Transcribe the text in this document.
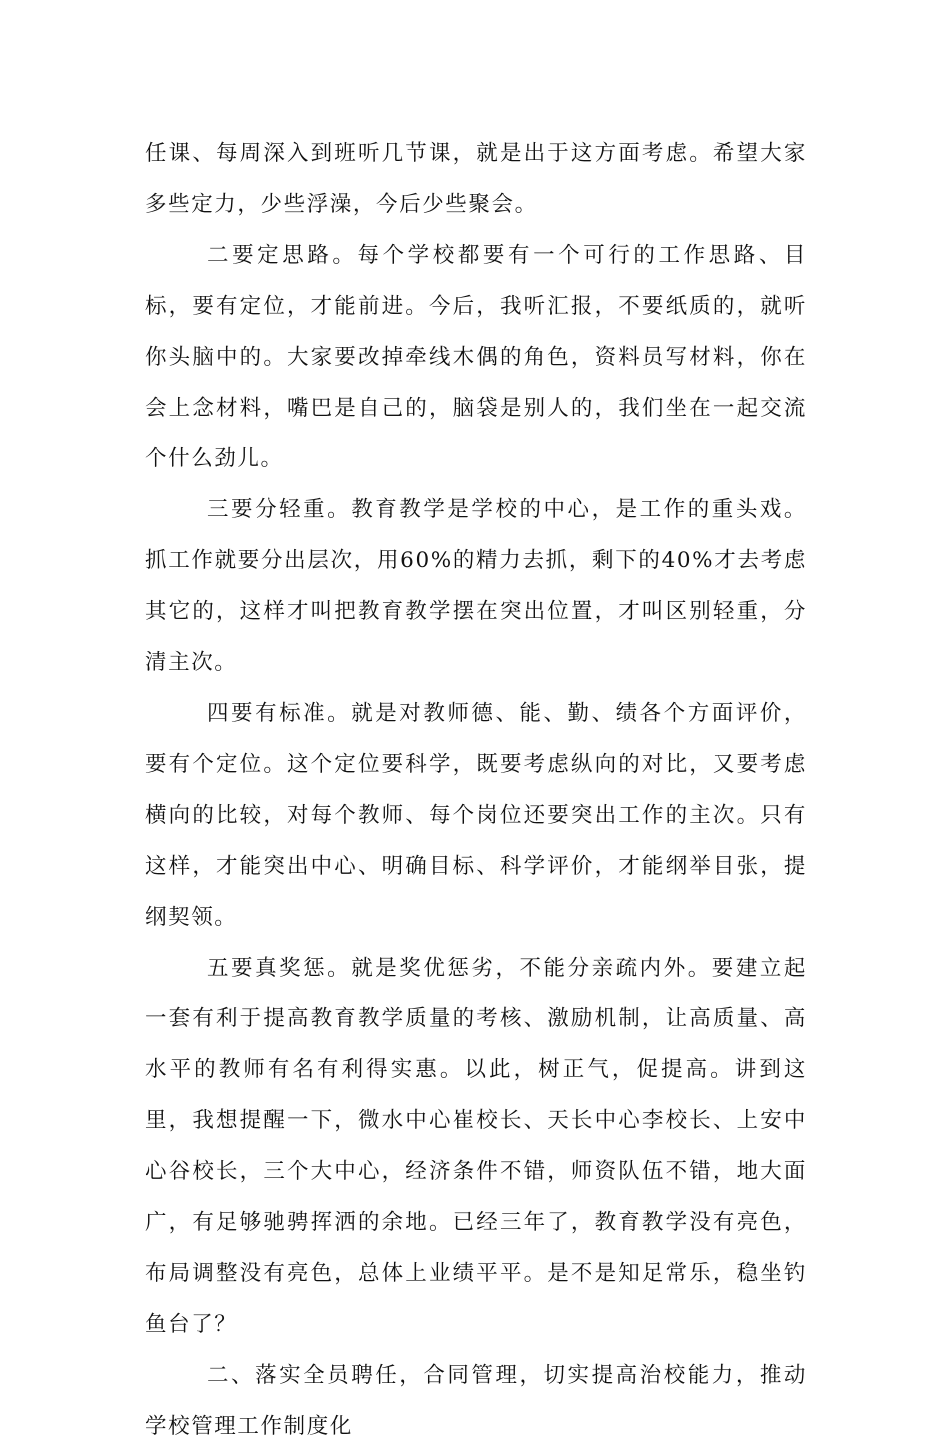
任课、每周深入到班听几节课，就是出于这方面考虑。希望大家多些定力，少些浮澡，今后少些聚会。

二要定思路。每个学校都要有一个可行的工作思路、目标，要有定位，才能前进。今后，我听汇报，不要纸质的，就听你头脑中的。大家要改掉牵线木偶的角色，资料员写材料，你在会上念材料，嘴巴是自己的，脑袋是别人的，我们坐在一起交流个什么劲儿。

三要分轻重。教育教学是学校的中心，是工作的重头戏。抓工作就要分出层次，用60%的精力去抓，剩下的40%才去考虑其它的，这样才叫把教育教学摆在突出位置，才叫区别轻重，分清主次。

四要有标准。就是对教师德、能、勤、绩各个方面评价，要有个定位。这个定位要科学，既要考虑纵向的对比，又要考虑横向的比较，对每个教师、每个岗位还要突出工作的主次。只有这样，才能突出中心、明确目标、科学评价，才能纲举目张，提纲契领。

五要真奖惩。就是奖优惩劣，不能分亲疏内外。要建立起一套有利于提高教育教学质量的考核、激励机制，让高质量、高水平的教师有名有利得实惠。以此，树正气，促提高。讲到这里，我想提醒一下，微水中心崔校长、天长中心李校长、上安中心谷校长，三个大中心，经济条件不错，师资队伍不错，地大面广，有足够驰骋挥洒的余地。已经三年了，教育教学没有亮色，布局调整没有亮色，总体上业绩平平。是不是知足常乐，稳坐钓鱼台了？

二、落实全员聘任，合同管理，切实提高治校能力，推动学校管理工作制度化
